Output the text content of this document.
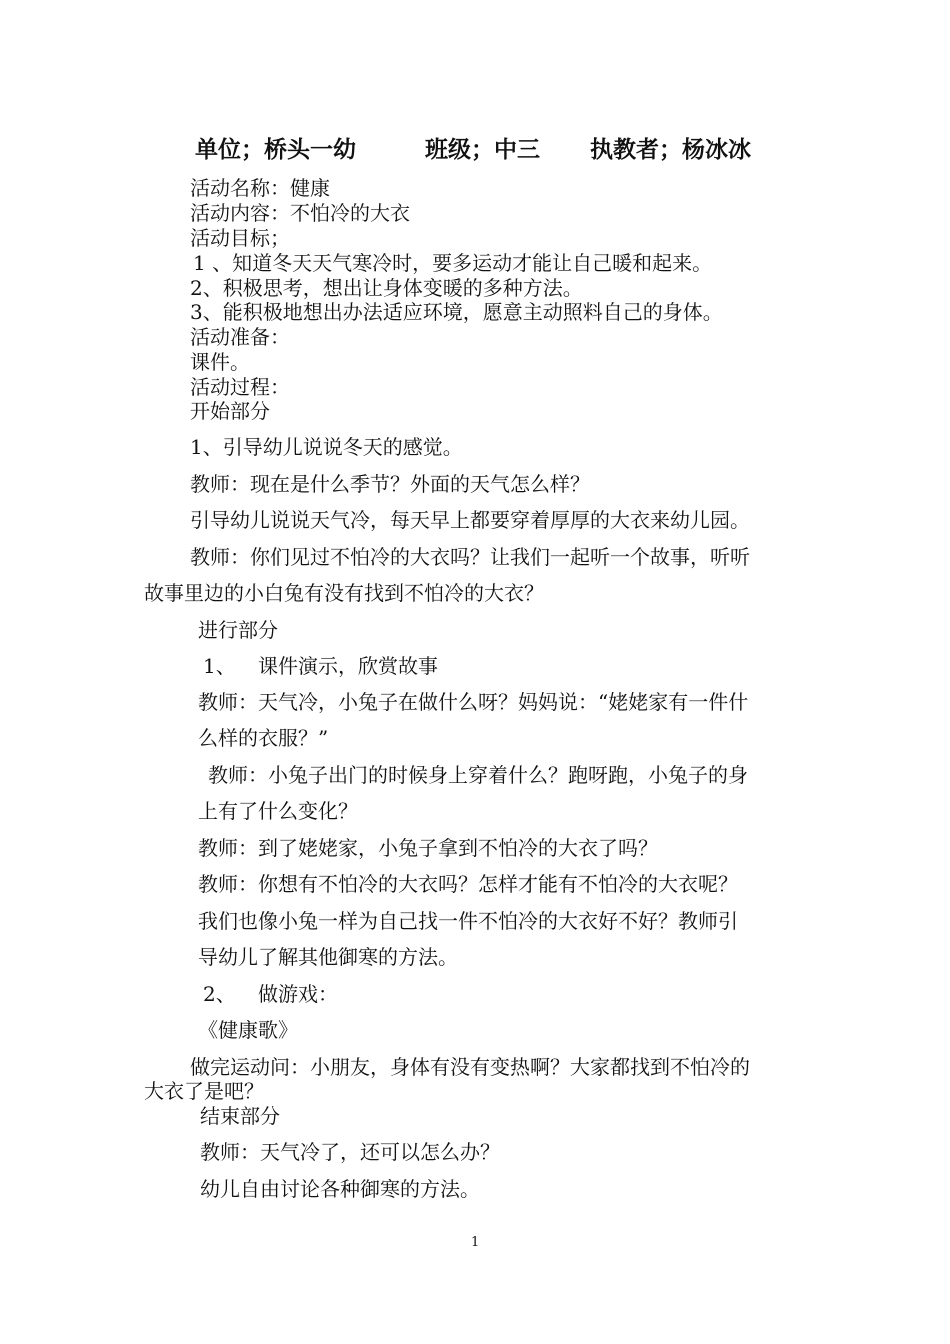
单位；桥头一幼	班级；中三 执教者；杨冰冰
活动名称：健康
活动内容：不怕冷的大衣
活动目标；
1 、知道冬天天气寒冷时，要多运动才能让自己暖和起来。
2、积极思考，想出让身体变暖的多种方法。
3、能积极地想出办法适应环境，愿意主动照料自己的身体。
活动准备：
课件。
活动过程：
开始部分
1、引导幼儿说说冬天的感觉。
教师：现在是什么季节？外面的天气怎么样？
引导幼儿说说天气冷，每天早上都要穿着厚厚的大衣来幼儿园。
教师：你们见过不怕冷的大衣吗？让我们一起听一个故事，听听
故事里边的小白兔有没有找到不怕冷的大衣？
进行部分
1、 课件演示，欣赏故事
教师：天气冷，小兔子在做什么呀？妈妈说：“姥姥家有一件什
么样的衣服？”
教师：小兔子出门的时候身上穿着什么？跑呀跑，小兔子的身
上有了什么变化？
教师：到了姥姥家，小兔子拿到不怕冷的大衣了吗？
教师：你想有不怕冷的大衣吗？怎样才能有不怕冷的大衣呢？
我们也像小兔一样为自己找一件不怕冷的大衣好不好？教师引
导幼儿了解其他御寒的方法。
2、 做游戏：
《健康歌》
做完运动问：小朋友，身体有没有变热啊？大家都找到不怕冷的
大衣了是吧？
结束部分
教师：天气冷了，还可以怎么办？
幼儿自由讨论各种御寒的方法。
1
